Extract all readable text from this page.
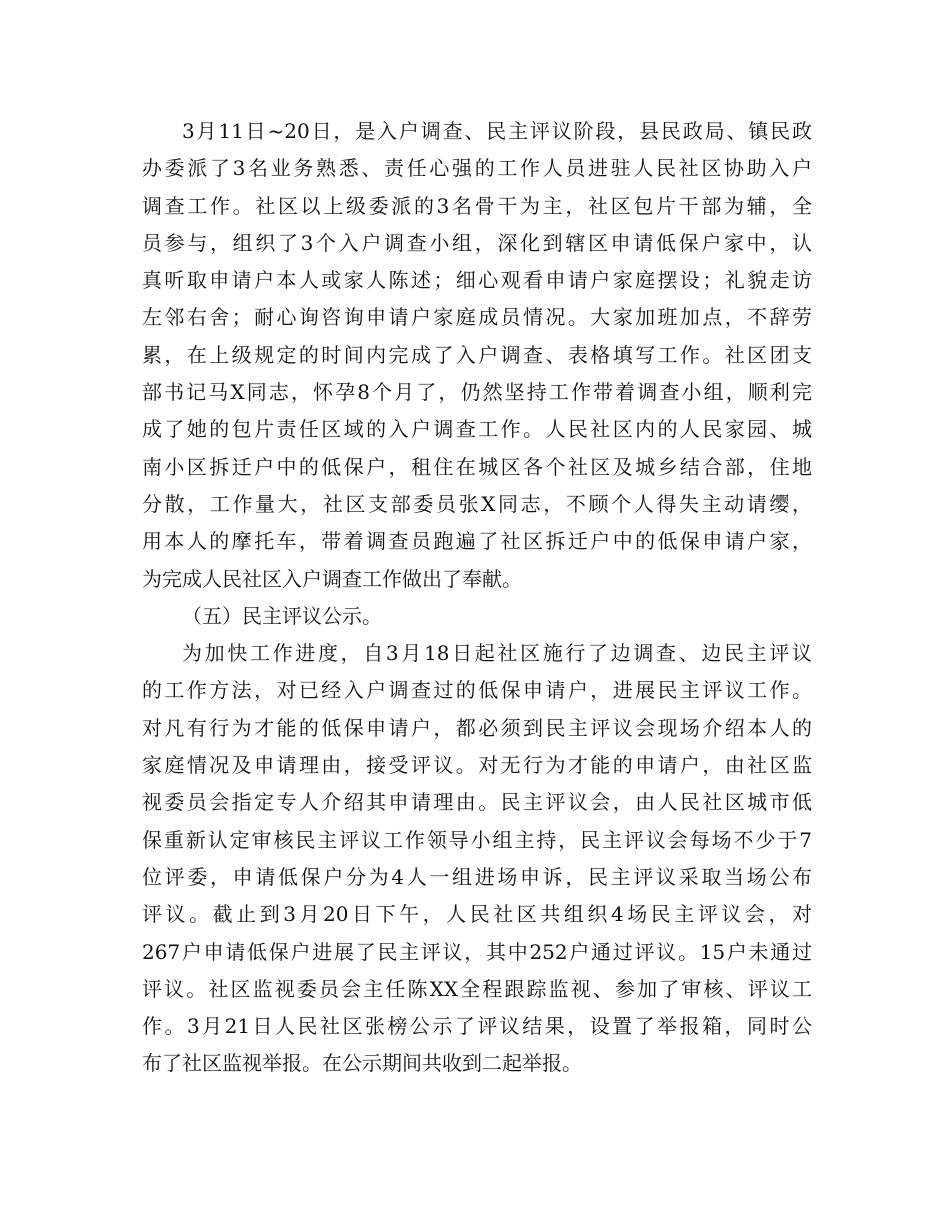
3月11日~20日，是入户调查、民主评议阶段，县民政局、镇民政
办委派了3名业务熟悉、责任心强的工作人员进驻人民社区协助入户
调查工作。社区以上级委派的3名骨干为主，社区包片干部为辅，全
员参与，组织了3个入户调查小组，深化到辖区申请低保户家中，认
真听取申请户本人或家人陈述；细心观看申请户家庭摆设；礼貌走访
左邻右舍；耐心询咨询申请户家庭成员情况。大家加班加点，不辞劳
累，在上级规定的时间内完成了入户调查、表格填写工作。社区团支
部书记马X同志，怀孕8个月了，仍然坚持工作带着调查小组，顺利完
成了她的包片责任区域的入户调查工作。人民社区内的人民家园、城
南小区拆迁户中的低保户，租住在城区各个社区及城乡结合部，住地
分散，工作量大，社区支部委员张X同志，不顾个人得失主动请缨，
用本人的摩托车，带着调查员跑遍了社区拆迁户中的低保申请户家，
为完成人民社区入户调查工作做出了奉献。
（五）民主评议公示。
为加快工作进度，自3月18日起社区施行了边调查、边民主评议
的工作方法，对已经入户调查过的低保申请户，进展民主评议工作。
对凡有行为才能的低保申请户，都必须到民主评议会现场介绍本人的
家庭情况及申请理由，接受评议。对无行为才能的申请户，由社区监
视委员会指定专人介绍其申请理由。民主评议会，由人民社区城市低
保重新认定审核民主评议工作领导小组主持，民主评议会每场不少于7
位评委，申请低保户分为4人一组进场申诉，民主评议采取当场公布
评议。截止到3月20日下午，人民社区共组织4场民主评议会，对
267户申请低保户进展了民主评议，其中252户通过评议。15户未通过
评议。社区监视委员会主任陈XX全程跟踪监视、参加了审核、评议工
作。3月21日人民社区张榜公示了评议结果，设置了举报箱，同时公
布了社区监视举报。在公示期间共收到二起举报。
